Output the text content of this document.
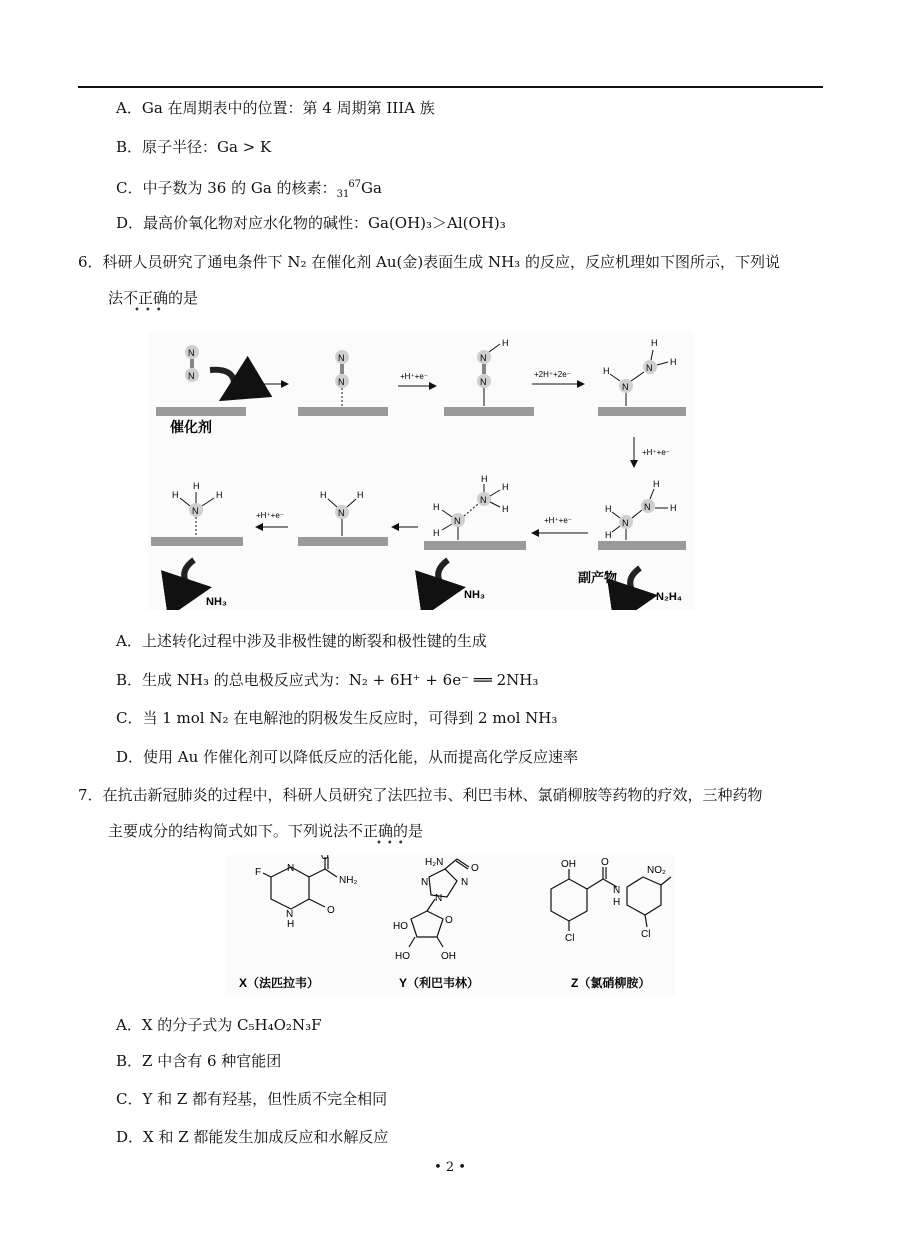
A．Ga 在周期表中的位置：第 4 周期第 IIIA 族
B．原子半径：Ga > K
C．中子数为 36 的 Ga 的核素：$_{31}^{67}$Ga
D．最高价氧化物对应水化物的碱性：Ga(OH)₃＞Al(OH)₃
6．科研人员研究了通电条件下 N₂ 在催化剂 Au(金)表面生成 NH₃ 的反应，反应机理如下图所示，下列说
法不正确的是
•••
催化剂
N
N
N
N
+H⁺+e⁻
N
H
N
+2H⁺+2e⁻
N
H	N
H
H
+H⁺+e⁻
N
H
H
N
H
H
+H⁺+e⁻
副产物
N₂H₄
N
H
H
N
H
H
H
NH₃
N
H	H
+H⁺+e⁻
N
H
H	H
NH₃
A．上述转化过程中涉及非极性键的断裂和极性键的生成
B．生成 NH₃ 的总电极反应式为：N₂ + 6H⁺ + 6e⁻ ══ 2NH₃
C．当 1 mol N₂ 在电解池的阴极发生反应时，可得到 2 mol NH₃
D．使用 Au 作催化剂可以降低反应的活化能，从而提高化学反应速率
7．在抗击新冠肺炎的过程中，科研人员研究了法匹拉韦、利巴韦林、氯硝柳胺等药物的疗效，三种药物
主要成分的结构简式如下。下列说法不正确的是
•••
N
F
O
NH₂
O
N
H
X（法匹拉韦）
H₂N
O
N
N
N
O
HO
HO	OH
Y（利巴韦林）
OH	O
N
H
Cl	Cl
NO₂
Z（氯硝柳胺）
A．X 的分子式为 C₅H₄O₂N₃F
B．Z 中含有 6 种官能团
C．Y 和 Z 都有羟基，但性质不完全相同
D．X 和 Z 都能发生加成反应和水解反应
• 2 •
